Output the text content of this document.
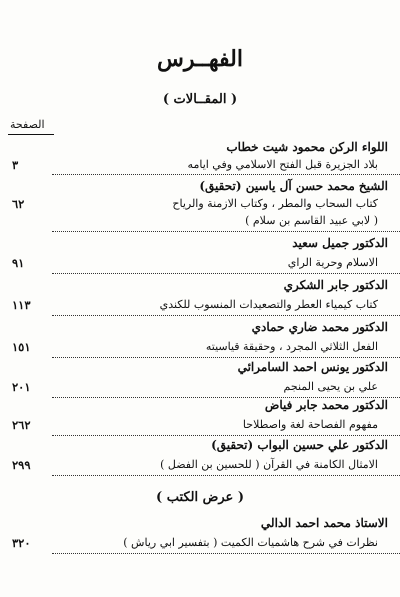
الفهــرس
( المقــالات )
الصفحة
اللواء الركن محمود شيت خطاب
بلاد الجزيرة قبل الفتح الاسلامي وفي ايامه
٣
الشيخ محمد حسن آل ياسين (تحقيق)
كتاب السحاب والمطر ، وكتاب الازمنة والرياح
( لابي عبيد القاسم بن سلام )
٦٢
الدكتور جميل سعيد
الاسلام وحرية الراي
٩١
الدكتور جابر الشكري
كتاب كيمياء العطر والتصعيدات المنسوب للكندي
١١٣
الدكتور محمد ضاري حمادي
الفعل الثلاثي المجرد ، وحقيقة قياسيته
١٥١
الدكتور يونس احمد السامرائي
علي بن يحيى المنجم
٢٠١
الدكتور محمد جابر فياض
مفهوم الفصاحة لغة واصطلاحا
٢٦٢
الدكتور علي حسين البواب (تحقيق)
الامثال الكامنة في القرآن ( للحسين بن الفضل )
٢٩٩
( عرض الكتب )
الاستاذ محمد احمد الدالي
نظرات في شرح هاشميات الكميت ( بتفسير ابي رياش )
٣٢٠
